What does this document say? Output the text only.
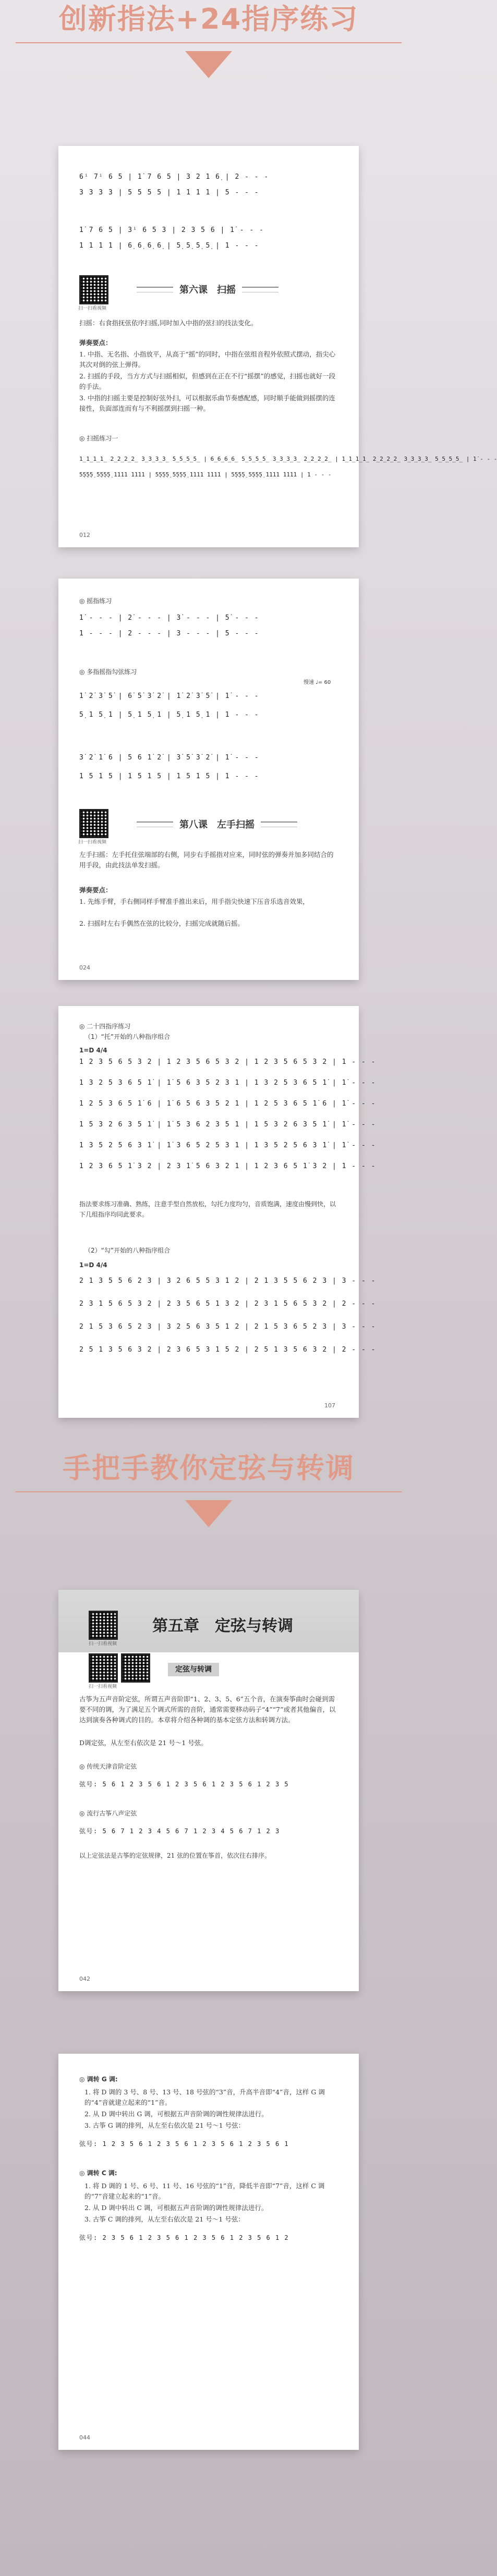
创新指法+24指序练习
6ⁱ 7ⁱ 6 5 | 1̇ 7 6 5 | 3 2 1 6̣ | 2 - - -
3 3 3 3 | 5 5 5 5 | 1 1 1 1 | 5 - - -
1̇ 7 6 5 | 3ⁱ 6 5 3 | 2 3 5 6 | 1̇ - - -
1 1 1 1 | 6̣ 6̣ 6̣ 6̣ | 5̣ 5̣ 5̣ 5̣ | 1 - - -
扫一扫看视频
第六课　扫摇
扫摇：右食指抚弦依序扫摇,同时加入中指的弦扫的技法变化。
弹奏要点：
1. 中指、无名指、小指放平，从高于“摇”的同时，中指在弦组音程外依照式摆动，指尖心其次对倒的弦上弹得。
2. 扫摇的手段，当方方式与扫摇相似，但感到在正在不行“摇摆”的感觉，扫摇也就好一段的手法。
3. 中指的扫摇主要是控制好弦外扫，可以根据乐曲节奏感配感，同时顺手能做到摇摆的连接性，负面部连而有与不利摇摆到扫摇一种。
◎ 扫摇练习一
1̲1̲1̲1̲ 2̲2̲2̲2̲ 3̲3̲3̲3̲ 5̲5̲5̲5̲ | 6̲6̲6̲6̲ 5̲5̲5̲5̲ 3̲3̲3̲3̲ 2̲2̲2̲2̲ | 1̲1̲1̲1̲ 2̲2̲2̲2̲ 3̲3̲3̲3̲ 5̲5̲5̲5̲ | 1̇ - - -
5̣5̣5̣5̣ 5̣5̣5̣5̣ 1111 1111 | 5̣5̣5̣5̣ 5̣5̣5̣5̣ 1111 1111 | 5̣5̣5̣5̣ 5̣5̣5̣5̣ 1111 1111 | 1 - - -
012
◎ 摇指练习
1̇ - - - | 2̇ - - - | 3̇ - - - | 5̇ - - -
1 - - - | 2 - - - | 3 - - - | 5 - - -
◎ 多指摇指勾弦练习
慢速 ♩= 60
1̇ 2̇ 3̇ 5̇ | 6̇ 5̇ 3̇ 2̇ | 1̇ 2̇ 3̇ 5̇ | 1̇ - - -
5̣ 1 5̣ 1 | 5̣ 1 5̣ 1 | 5̣ 1 5̣ 1 | 1 - - -
3̇ 2̇ 1̇ 6 | 5 6 1̇ 2̇ | 3̇ 5̇ 3̇ 2̇ | 1̇ - - -
1 5 1 5 | 1 5 1 5 | 1 5 1 5 | 1 - - -
扫一扫看视频
第八课　左手扫摇
左手扫摇：左手托住弦端部的右侧，同步右手摇指对应来，同时弦的弹奏并加多同结合的用手段，由此技法单发扫摇。
弹奏要点：
1. 先练手臂，手右侧同样手臂准手推出来后，用手指尖快速下压音乐选音效果，
2. 扫摇时左右手偶然在弦的比较分，扫摇完成就随后摇。
024
◎ 二十四指序练习
（1）“托”开始的八种指序组合
1=D 4/4
1 2 3 5 6 5 3 2 | 1 2 3 5 6 5 3 2 | 1 2 3 5 6 5 3 2 | 1 - - -
1 3 2 5 3 6 5 1̇ | 1̇ 5 6 3 5 2 3 1 | 1 3 2 5 3 6 5 1̇ | 1̇ - - -
1 2 5 3 6 5 1̇ 6 | 1̇ 6 5 6 3 5 2 1 | 1 2 5 3 6 5 1̇ 6 | 1̇ - - -
1 5 3 2 6 3 5 1̇ | 1̇ 5 3 6 2 3 5 1 | 1 5 3 2 6 3 5 1̇ | 1̇ - - -
1 3 5 2 5 6 3 1̇ | 1̇ 3 6 5 2 5 3 1 | 1 3 5 2 5 6 3 1̇ | 1̇ - - -
1 2 3 6 5 1̇ 3 2 | 2 3 1̇ 5 6 3 2 1 | 1 2 3 6 5 1̇ 3 2 | 1 - - -
指法要求练习准确、熟练，注意手型自然放松，勾托力度均匀，音质饱满，速度由慢到快，以下几组指序均同此要求。
（2）“勾”开始的八种指序组合
1=D 4/4
2 1 3 5 5 6 2 3 | 3 2 6 5 5 3 1 2 | 2 1 3 5 5 6 2 3 | 3 - - -
2 3 1 5 6 5 3 2 | 2 3 5 6 5 1 3 2 | 2 3 1 5 6 5 3 2 | 2 - - -
2 1 5 3 6 5 2 3 | 3 2 5 6 3 5 1 2 | 2 1 5 3 6 5 2 3 | 3 - - -
2 5 1 3 5 6 3 2 | 2 3 6 5 3 1 5 2 | 2 5 1 3 5 6 3 2 | 2 - - -
107
手把手教你定弦与转调
扫一扫看视频
第五章　定弦与转调
扫一扫看视频
定弦与转调
古筝为五声音阶定弦，所谓五声音阶即“1、2、3、5、6”五个音，在演奏筝曲时会碰到需要不同的调，为了满足五个调式所需的音阶，通常需要移动码子“4”“7”或者其他偏音，以达到演奏各种调式的目的。本章将介绍各种调的基本定弦方法和转调方法。
D调定弦，从左至右依次是 21 号～1 号弦。
◎ 传统天津音阶定弦
弦号: 5 6 1 2 3 5 6 1 2 3 5 6 1 2 3 5 6 1 2 3 5
◎ 流行古筝八声定弦
弦号: 5 6 7 1 2 3 4 5 6 7 1 2 3 4 5 6 7 1 2 3
以上定弦法是古筝的定弦规律，21 弦的位置在筝首，依次往右排序。
042
◎ 调转 G 调:
1. 将 D 调的 3 号、8 号、13 号、18 号弦的“3”音，升高半音即“4”音，这样 G 调的“4”音就建立起来的“1”音。
2. 从 D 调中转出 G 调，可根据五声音阶调的调性规律法进行。
3. 古筝 G 调的排列，从左至右依次是 21 号～1 号弦：
弦号: 1 2 3 5 6 1 2 3 5 6 1 2 3 5 6 1 2 3 5 6 1
◎ 调转 C 调:
1. 将 D 调的 1 号、6 号、11 号、16 号弦的“1”音，降低半音即“7”音，这样 C 调的“7”音建立起来的“1”音。
2. 从 D 调中转出 C 调，可根据五声音阶调的调性规律法进行。
3. 古筝 C 调的排列，从左至右依次是 21 号～1 号弦：
弦号: 2 3 5 6 1 2 3 5 6 1 2 3 5 6 1 2 3 5 6 1 2
044
